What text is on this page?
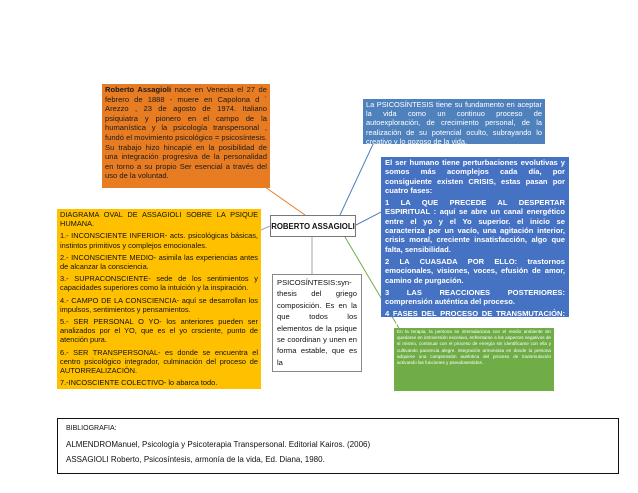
Roberto Assagioli nace en Venecia el 27 de febrero de 1888 - muere en Capolona d ´ Arezzo , 23 de agosto de 1974. Italiano psiquiatra y pionero en el campo de la humanística y la psicología transpersonal , fundó el movimiento psicológico = psicosíntesis. Su trabajo hizo hincapié en la posibilidad de una integración progresiva de la personalidad en torno a su propio Ser esencial a través del uso de la voluntad.
La PSICOSÍNTESIS tiene su fundamento en aceptar la vida como un continuo proceso de autoexploración, de crecimiento personal, de la realización de su potencial oculto, subrayando lo creativo y lo gozoso de la vida.
El ser humano tiene perturbaciones evolutivas y somos más acomplejos cada día, por consiguiente existen CRISIS, estas pasan por cuatro fases:
1 LA QUE PRECEDE AL DESPERTAR ESPIRITUAL : aquí se abre un canal energético entre el yo y el Yo superior. el inicio se caracteriza por un vacío, una agitación interior, crisis moral, creciente insatisfacción, algo que falta, sensibilidad.
2 LA CUASADA POR ELLO: trastornos emocionales, visiones, voces, efusión de amor, camino de purgación.
3 LAS REACCIONES POSTERIORES: comprensión auténtica del proceso.
4 FASES DEL PROCESO DE TRANSMUTACIÓN: el yo transpersonal actúa.
ROBERTO ASSAGIOLI
PSICOSÍNTESIS:syn-thesis del griego composición. Es en la que todos los elementos de la psique se coordinan y unen en forma estable, que es la

DIAGRAMA OVAL DE ASSAGIOLI SOBRE LA PSIQUE HUMANA.

1.- INCONSCIENTE INFERIOR- acts. psicológicas básicas, instintos primitivos y complejos emocionales.

2.- INCONSCIENTE MEDIO- asimila las experiencias antes de alcanzar la consciencia.

3.- SUPRACONSCIENTE- sede de los sentimientos y capacidades superiores como la intuición y la inspiración.

4.- CAMPO DE LA CONSCIENCIA- aquí se desarrollan los impulsos, sentimientos y pensamientos.

5.- SER PERSONAL O YO- los anteriores pueden ser analizados por el YO, que es el yo crsciente, punto de atención pura.

6.- SER TRANSPERSONAL- es donde se encuentra el centro psicológico integrador, culminación del proceso de AUTORREALIZACIÓN.

7.-INCOSCIENTE COLECTIVO- lo abarca todo.

En la terapia, la persona se intemalaciona con el medio ambiente sin quedarse en introversión excesiva, enfrentarse a los aspectos negativos de sí mismo, continuar con el proceso de energía sin identificarse con ella y cultivando paciencia alegre. integración armoniosa en donde la persona adquiere una comprensión auténtica del proceso de transmutación activando las funciones y pseudosentidos.
BIBLIOGRAFIA:
ALMENDROManuel, Psicología y Psicoterapia Transpersonal. Editorial Kairos. (2006)
ASSAGIOLI Roberto, Psicosíntesis, armonía de la vida, Ed. Diana, 1980.
